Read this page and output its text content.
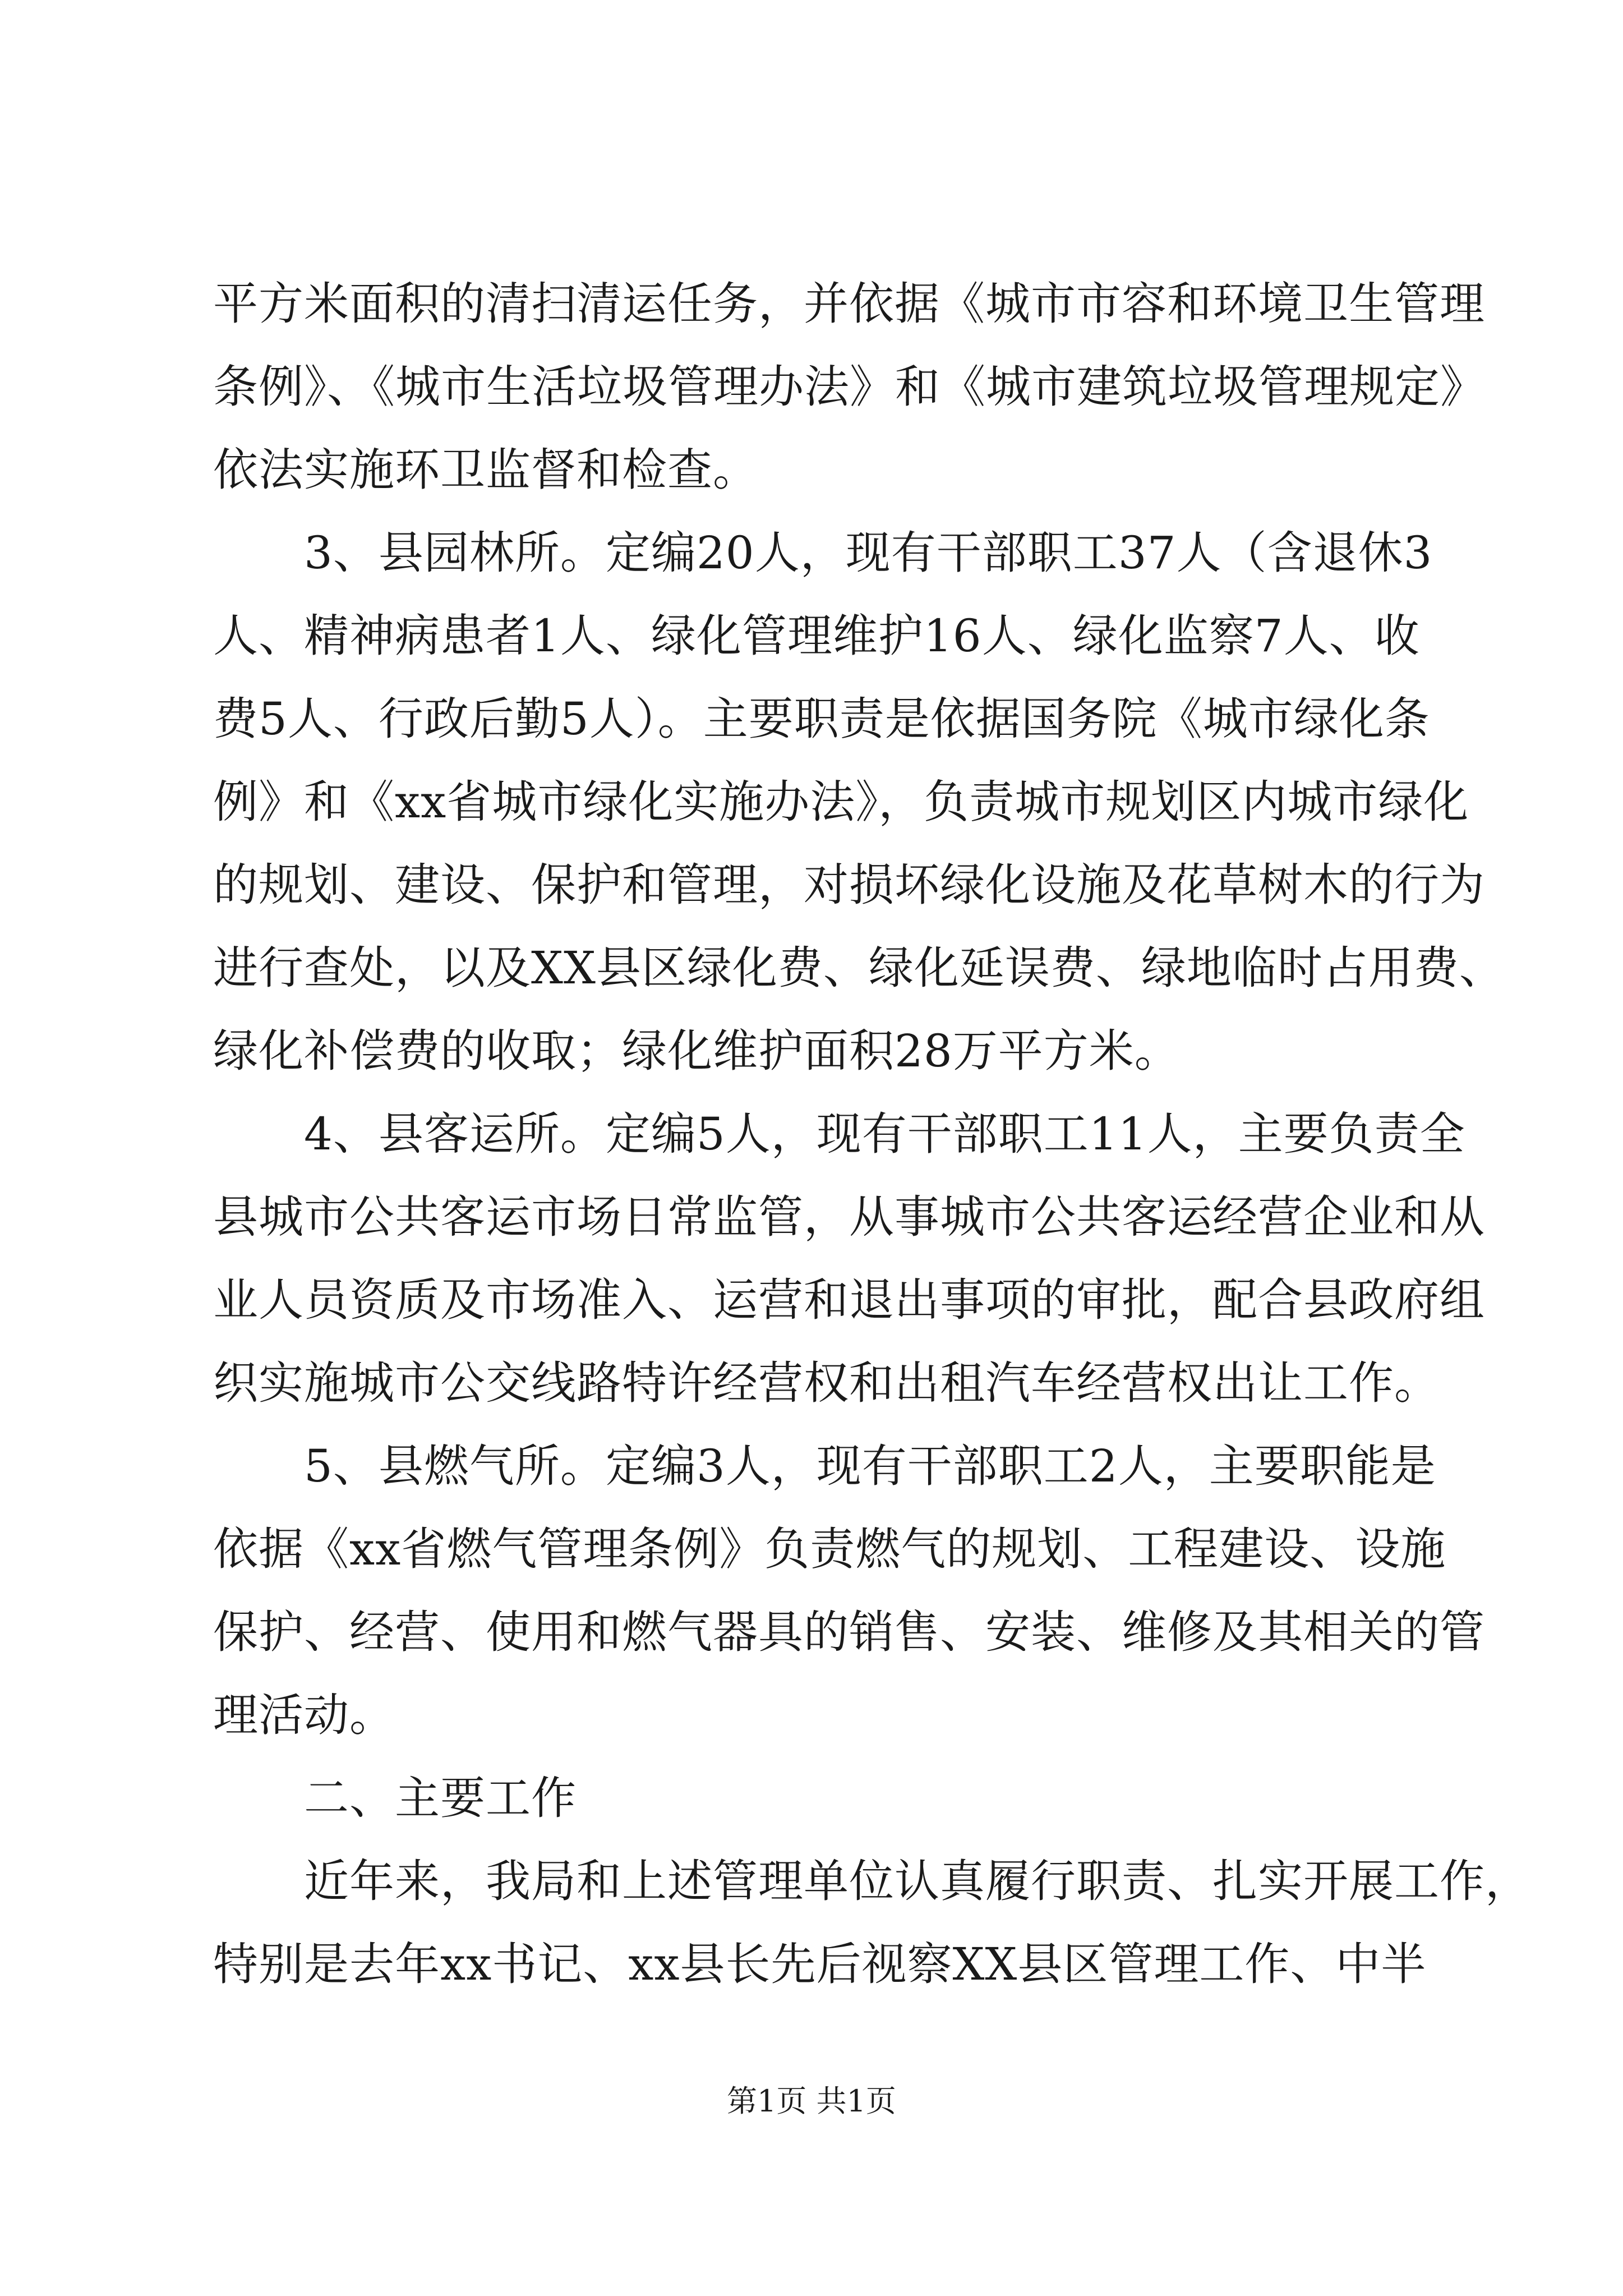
平方米面积的清扫清运任务，并依据《城市市容和环境卫生管理
条例》、《城市生活垃圾管理办法》和《城市建筑垃圾管理规定》
依法实施环卫监督和检查。
　　3、县园林所。定编20人，现有干部职工37人（含退休3
人、精神病患者1人、绿化管理维护16人、绿化监察7人、收
费5人、行政后勤5人）。主要职责是依据国务院《城市绿化条
例》和《xx省城市绿化实施办法》，负责城市规划区内城市绿化
的规划、建设、保护和管理，对损坏绿化设施及花草树木的行为
进行查处，以及XX县区绿化费、绿化延误费、绿地临时占用费、
绿化补偿费的收取；绿化维护面积28万平方米。
　　4、县客运所。定编5人，现有干部职工11人，主要负责全
县城市公共客运市场日常监管，从事城市公共客运经营企业和从
业人员资质及市场准入、运营和退出事项的审批，配合县政府组
织实施城市公交线路特许经营权和出租汽车经营权出让工作。
　　5、县燃气所。定编3人，现有干部职工2人，主要职能是
依据《xx省燃气管理条例》负责燃气的规划、工程建设、设施
保护、经营、使用和燃气器具的销售、安装、维修及其相关的管
理活动。
　　二、主要工作
　　近年来，我局和上述管理单位认真履行职责、扎实开展工作，
特别是去年xx书记、xx县长先后视察XX县区管理工作、中半
第1页 共1页
